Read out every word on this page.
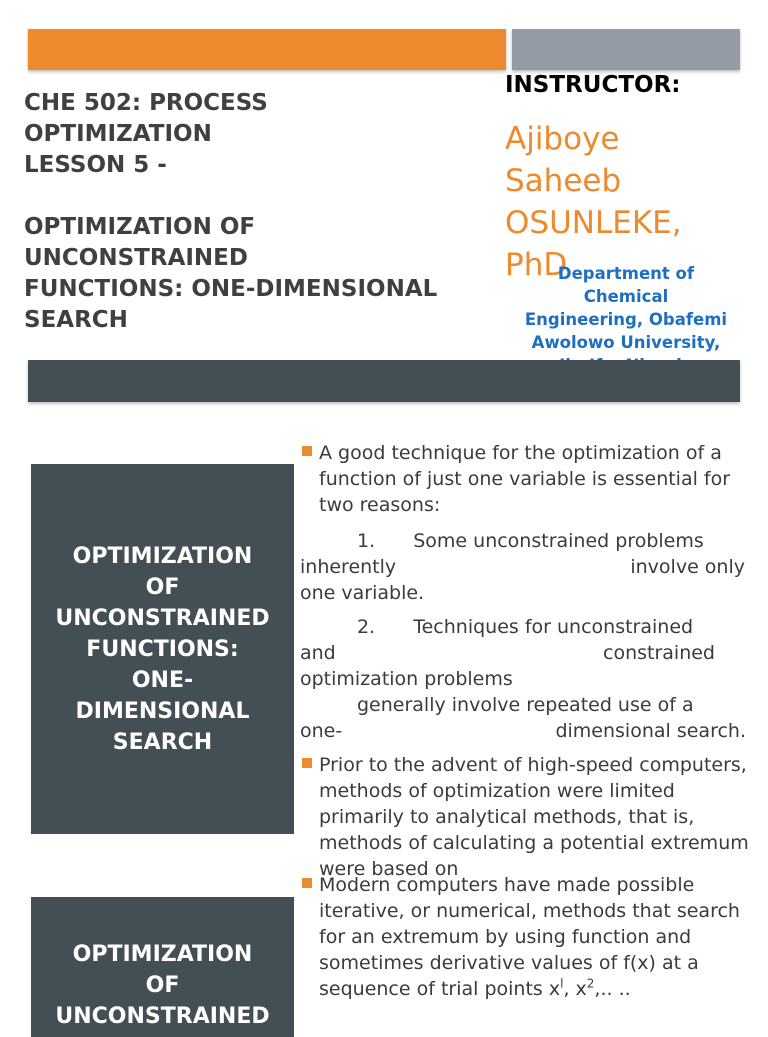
CHE 502: PROCESS
OPTIMIZATION
LESSON 5 -

OPTIMIZATION OF
UNCONSTRAINED
FUNCTIONS: ONE-DIMENSIONAL
SEARCH
INSTRUCTOR:
Ajiboye
Saheeb
OSUNLEKE,
PhD
Department of
Chemical
Engineering, Obafemi
Awolowo University,
OPTIMIZATION
OF
UNCONSTRAINED
FUNCTIONS:
ONE-
DIMENSIONAL
SEARCH
A good technique for the optimization of a function of just one variable is essential for two reasons:
1. Some unconstrained problems
inherently	involve only
one variable.
2. Techniques for unconstrained
and	constrained
optimization problems
generally involve repeated use of a
one-	dimensional search.
Prior to the advent of high-speed computers, methods of optimization were limited primarily to analytical methods, that is, methods of calculating a potential extremum were based on
OPTIMIZATION
OF
UNCONSTRAINED
Modern computers have made possible iterative, or numerical, methods that search for an extremum by using function and sometimes derivative values of f(x) at a sequence of trial points $x^l$, $x^2$,.. ..
